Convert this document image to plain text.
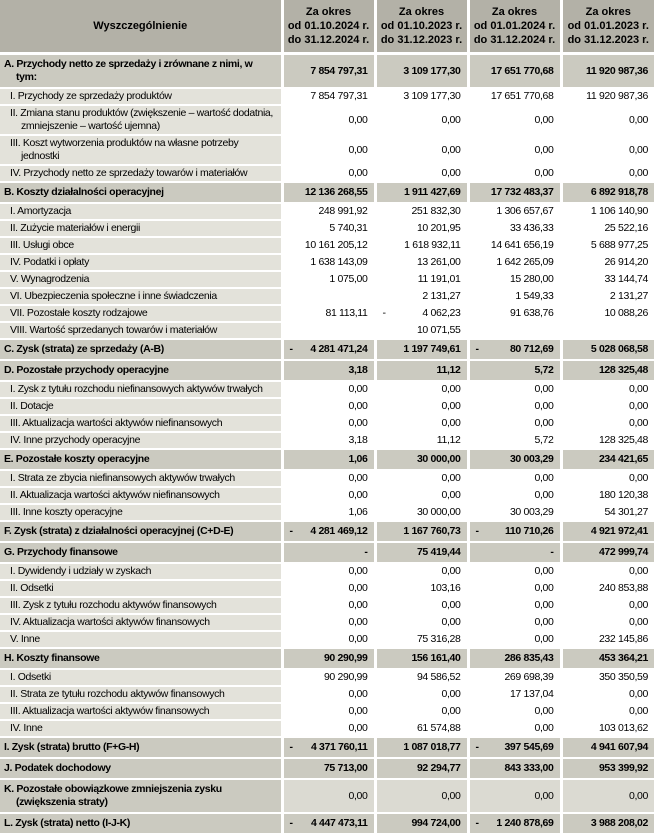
Wyszczególnienie	
Za okres
od 01.10.2024 r.
do 31.12.2024 r.

Za okres
od 01.10.2023 r.
do 31.12.2023 r.

Za okres
od 01.01.2024 r.
do 31.12.2024 r.

Za okres
od 01.01.2023 r.
do 31.12.2023 r.

A. Przychody netto ze sprzedaży i zrównane z nimi, w tym:	7 854 797,31	3 109 177,30	17 651 770,68	11 920 987,36

I. Przychody ze sprzedaży produktów	7 854 797,31	3 109 177,30	17 651 770,68	11 920 987,36

II. Zmiana stanu produktów (zwiększenie – wartość dodatnia, zmniejszenie – wartość ujemna)	0,00	0,00	0,00	0,00

III. Koszt wytworzenia produktów na własne potrzeby jednostki	0,00	0,00	0,00	0,00

IV. Przychody netto ze sprzedaży towarów i materiałów	0,00	0,00	0,00	0,00

B. Koszty działalności operacyjnej	12 136 268,55	1 911 427,69	17 732 483,37	6 892 918,78

I. Amortyzacja	248 991,92	251 832,30	1 306 657,67	1 106 140,90

II. Zużycie materiałów i energii	5 740,31	10 201,95	33 436,33	25 522,16

III. Usługi obce	10 161 205,12	1 618 932,11	14 641 656,19	5 688 977,25

IV. Podatki i opłaty	1 638 143,09	13 261,00	1 642 265,09	26 914,20

V. Wynagrodzenia	1 075,00	11 191,01	15 280,00	33 144,74

VI. Ubezpieczenia społeczne i inne świadczenia		2 131,27	1 549,33	2 131,27

VII. Pozostałe koszty rodzajowe	81 113,11	- 4 062,23	91 638,76	10 088,26

VIII. Wartość sprzedanych towarów i materiałów		10 071,55		

C. Zysk (strata) ze sprzedaży (A-B)	- 4 281 471,24	1 197 749,61	- 80 712,69	5 028 068,58

D. Pozostałe przychody operacyjne	3,18	11,12	5,72	128 325,48

I. Zysk z tytułu rozchodu niefinansowych aktywów trwałych	0,00	0,00	0,00	0,00

II. Dotacje	0,00	0,00	0,00	0,00

III. Aktualizacja wartości aktywów niefinansowych	0,00	0,00	0,00	0,00

IV. Inne przychody operacyjne	3,18	11,12	5,72	128 325,48

E. Pozostałe koszty operacyjne	1,06	30 000,00	30 003,29	234 421,65

I. Strata ze zbycia niefinansowych aktywów trwałych	0,00	0,00	0,00	0,00

II. Aktualizacja wartości aktywów niefinansowych	0,00	0,00	0,00	180 120,38

III. Inne koszty operacyjne	1,06	30 000,00	30 003,29	54 301,27

F. Zysk (strata) z działalności operacyjnej (C+D-E)	- 4 281 469,12	1 167 760,73	- 110 710,26	4 921 972,41

G. Przychody finansowe	-	75 419,44	-	472 999,74

I. Dywidendy i udziały w zyskach	0,00	0,00	0,00	0,00

II. Odsetki	0,00	103,16	0,00	240 853,88

III. Zysk z tytułu rozchodu aktywów finansowych	0,00	0,00	0,00	0,00

IV. Aktualizacja wartości aktywów finansowych	0,00	0,00	0,00	0,00

V. Inne	0,00	75 316,28	0,00	232 145,86

H. Koszty finansowe	90 290,99	156 161,40	286 835,43	453 364,21

I. Odsetki	90 290,99	94 586,52	269 698,39	350 350,59

II. Strata ze tytułu rozchodu aktywów finansowych	0,00	0,00	17 137,04	0,00

III. Aktualizacja wartości aktywów finansowych	0,00	0,00	0,00	0,00

IV. Inne	0,00	61 574,88	0,00	103 013,62

I. Zysk (strata) brutto (F+G-H)	- 4 371 760,11	1 087 018,77	- 397 545,69	4 941 607,94

J. Podatek dochodowy	75 713,00	92 294,77	843 333,00	953 399,92

K. Pozostałe obowiązkowe zmniejszenia zysku (zwiększenia straty)	0,00	0,00	0,00	0,00

L. Zysk (strata) netto (I-J-K)	- 4 447 473,11	994 724,00	- 1 240 878,69	3 988 208,02
